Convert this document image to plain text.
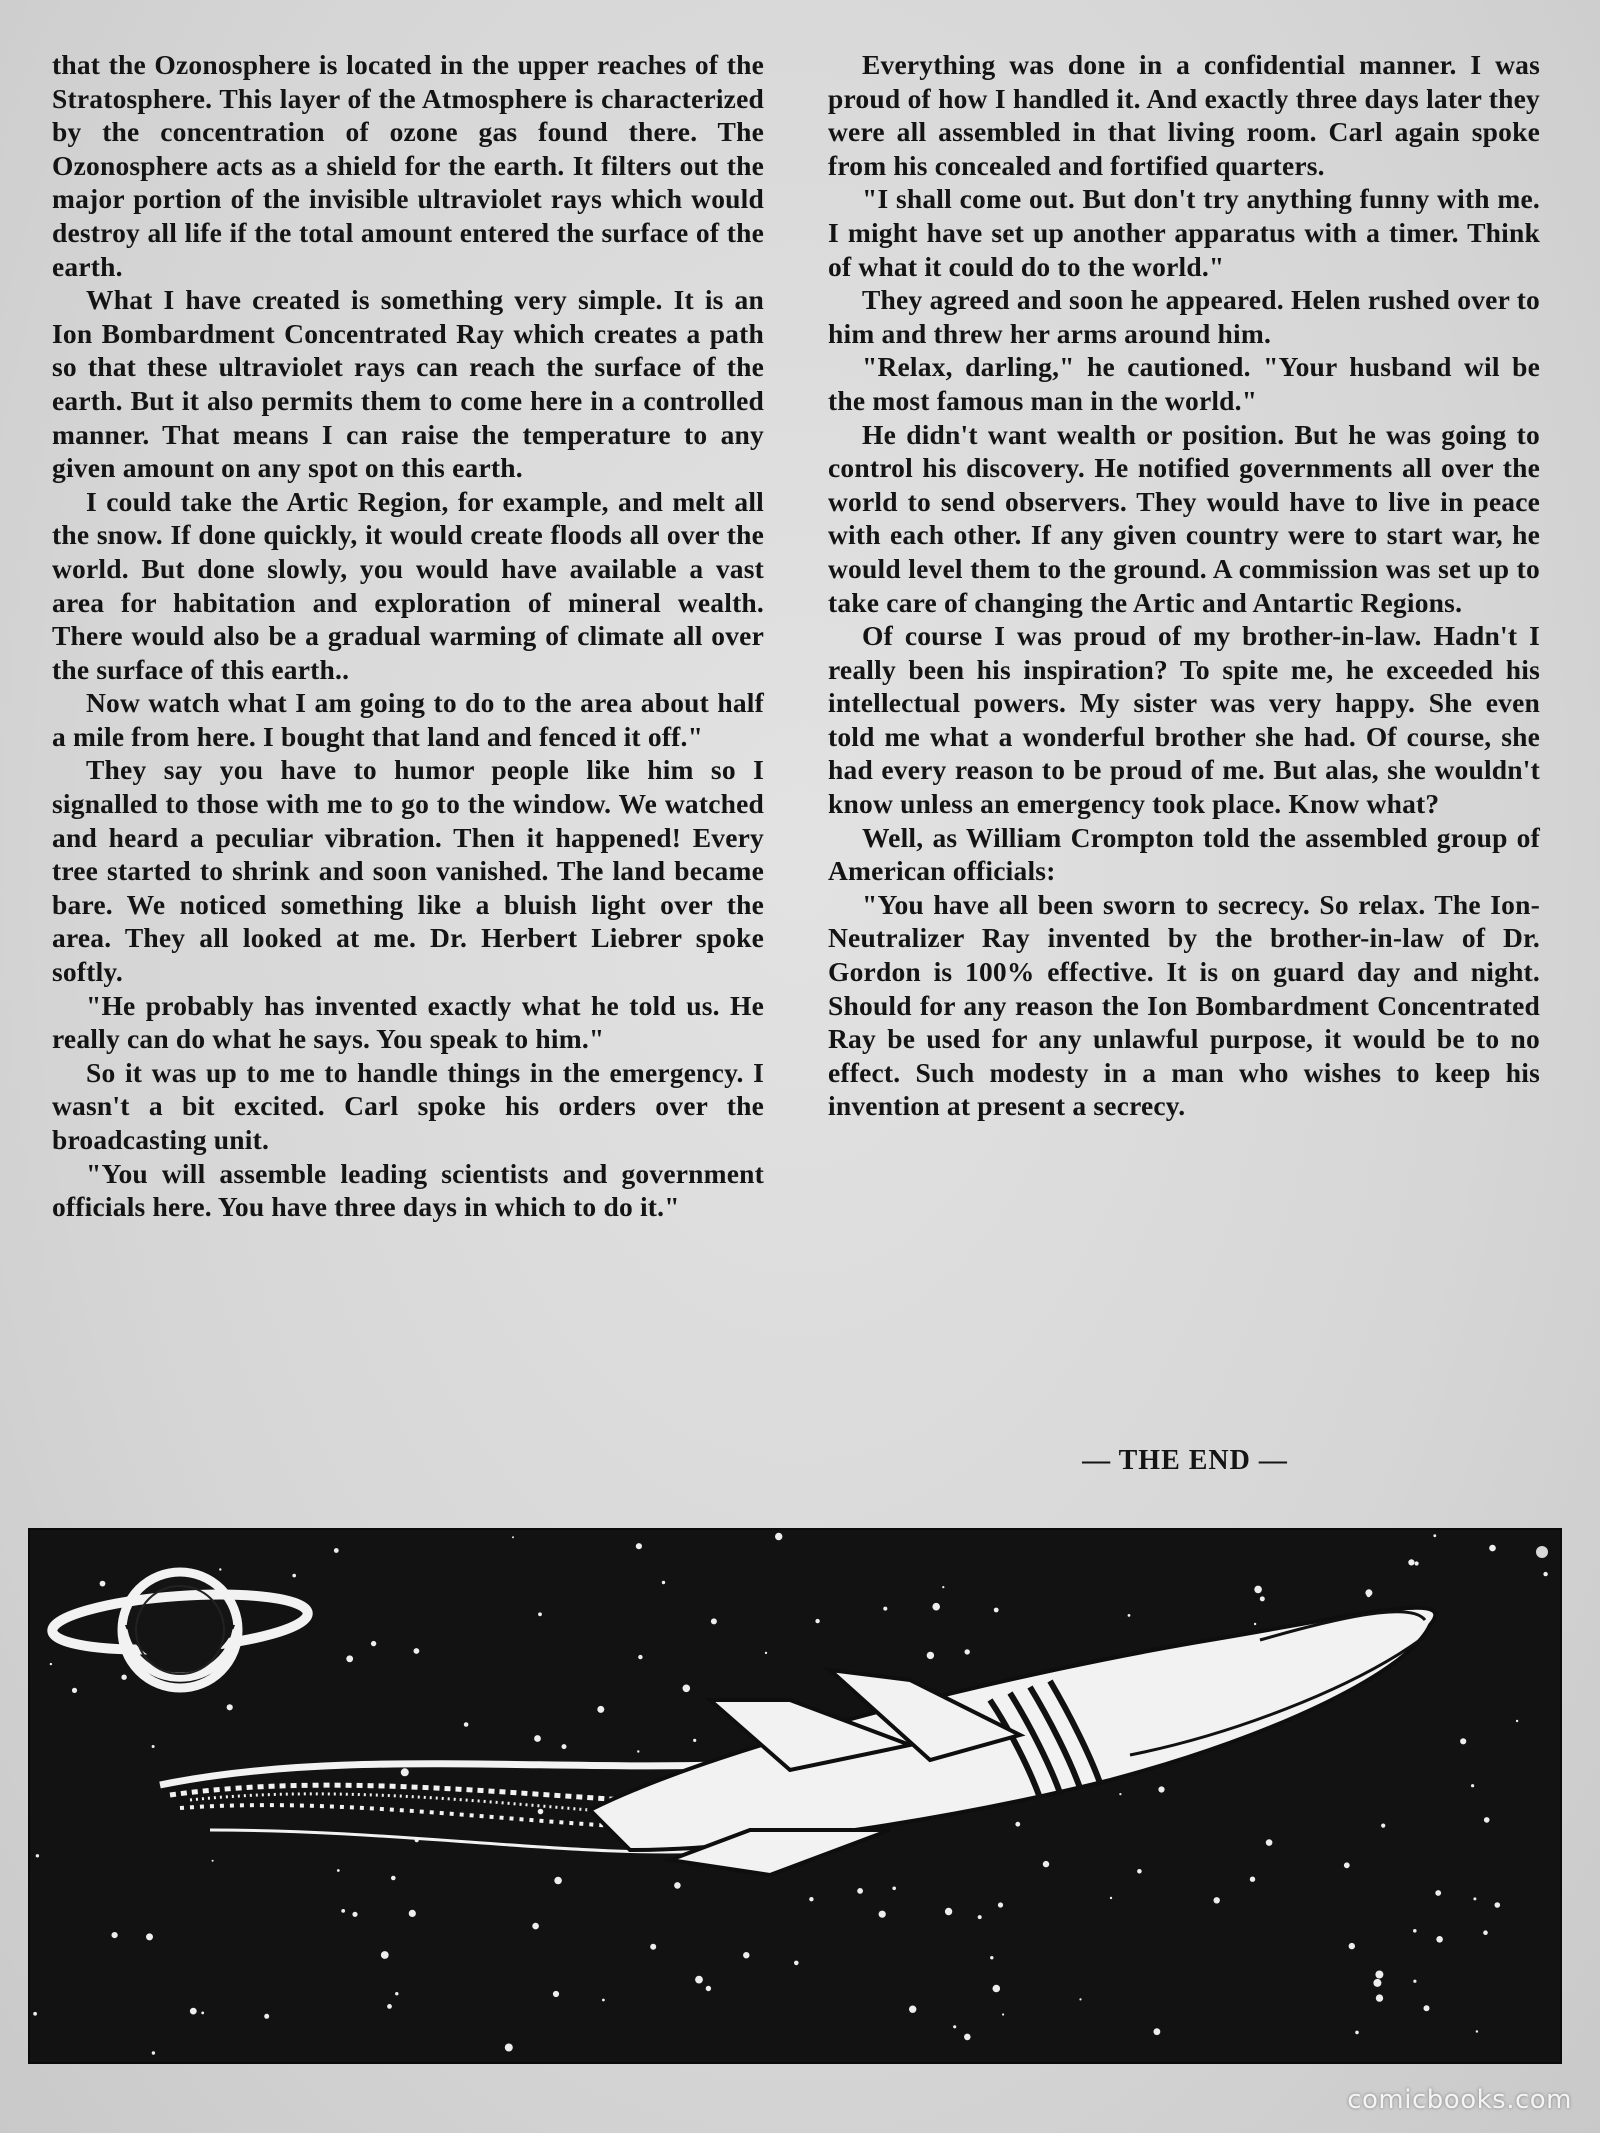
that the Ozonosphere is located in the upper reaches of the Stratosphere. This layer of the Atmosphere is characterized by the concentration of ozone gas found there. The Ozonosphere acts as a shield for the earth. It filters out the major portion of the invisible ultraviolet rays which would destroy all life if the total amount entered the surface of the earth.

What I have created is something very simple. It is an Ion Bombardment Concentrated Ray which creates a path so that these ultraviolet rays can reach the surface of the earth. But it also permits them to come here in a controlled manner. That means I can raise the temperature to any given amount on any spot on this earth.

I could take the Artic Region, for example, and melt all the snow. If done quickly, it would create floods all over the world. But done slowly, you would have available a vast area for habitation and exploration of mineral wealth. There would also be a gradual warming of climate all over the surface of this earth..

Now watch what I am going to do to the area about half a mile from here. I bought that land and fenced it off."

They say you have to humor people like him so I signalled to those with me to go to the window. We watched and heard a peculiar vibration. Then it happened! Every tree started to shrink and soon vanished. The land became bare. We noticed something like a bluish light over the area. They all looked at me. Dr. Herbert Liebrer spoke softly.

"He probably has invented exactly what he told us. He really can do what he says. You speak to him."

So it was up to me to handle things in the emergency. I wasn't a bit excited. Carl spoke his orders over the broadcasting unit.

"You will assemble leading scientists and government officials here. You have three days in which to do it."

Everything was done in a confidential manner. I was proud of how I handled it. And exactly three days later they were all assembled in that living room. Carl again spoke from his concealed and fortified quarters.

"I shall come out. But don't try anything funny with me. I might have set up another apparatus with a timer. Think of what it could do to the world."

They agreed and soon he appeared. Helen rushed over to him and threw her arms around him.

"Relax, darling," he cautioned. "Your husband wil be the most famous man in the world."

He didn't want wealth or position. But he was going to control his discovery. He notified governments all over the world to send observers. They would have to live in peace with each other. If any given country were to start war, he would level them to the ground. A commission was set up to take care of changing the Artic and Antartic Regions.

Of course I was proud of my brother-in-law. Hadn't I really been his inspiration? To spite me, he exceeded his intellectual powers. My sister was very happy. She even told me what a wonderful brother she had. Of course, she had every reason to be proud of me. But alas, she wouldn't know unless an emergency took place. Know what?

Well, as William Crompton told the assembled group of American officials:

"You have all been sworn to secrecy. So relax. The Ion-Neutralizer Ray invented by the brother-in-law of Dr. Gordon is 100% effective. It is on guard day and night. Should for any reason the Ion Bombardment Concentrated Ray be used for any unlawful purpose, it would be to no effect. Such modesty in a man who wishes to keep his invention at present a secrecy.

— THE END —
comicbooks.com
